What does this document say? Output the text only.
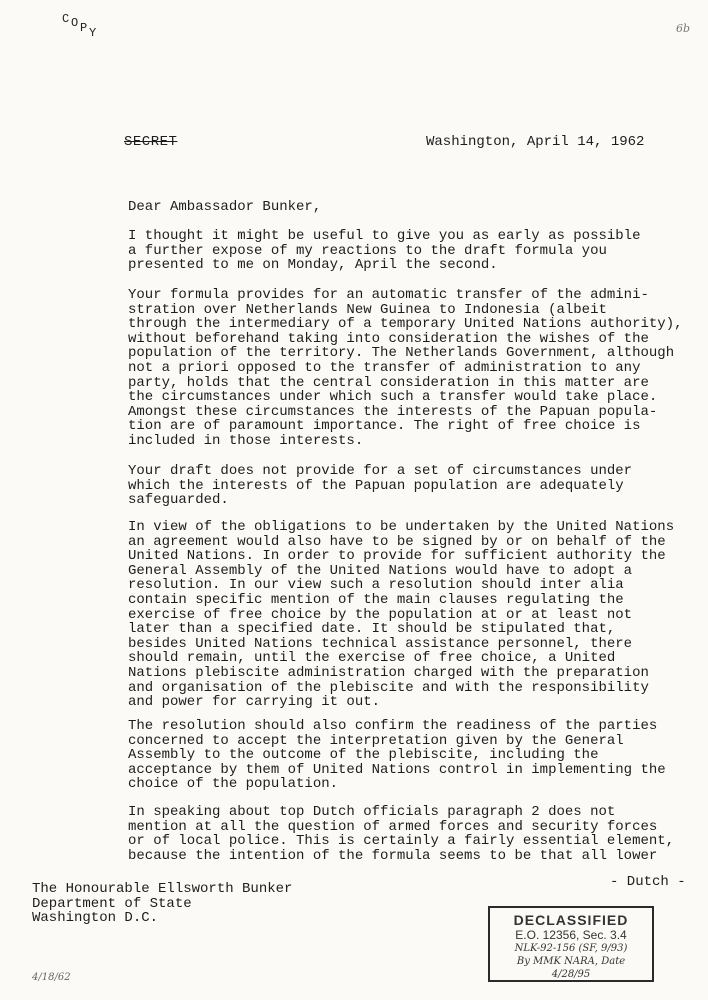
C O P Y	6b
SECRET	Washington, April 14, 1962
Dear Ambassador Bunker,
I thought it might be useful to give you as early as possible
a further expose of my reactions to the draft formula you
presented to me on Monday, April the second.
Your formula provides for an automatic transfer of the admini-
stration over Netherlands New Guinea to Indonesia (albeit
through the intermediary of a temporary United Nations authority),
without beforehand taking into consideration the wishes of the
population of the territory. The Netherlands Government, although
not a priori opposed to the transfer of administration to any
party, holds that the central consideration in this matter are
the circumstances under which such a transfer would take place.
Amongst these circumstances the interests of the Papuan popula-
tion are of paramount importance. The right of free choice is
included in those interests.
Your draft does not provide for a set of circumstances under
which the interests of the Papuan population are adequately
safeguarded.
In view of the obligations to be undertaken by the United Nations
an agreement would also have to be signed by or on behalf of the
United Nations. In order to provide for sufficient authority the
General Assembly of the United Nations would have to adopt a
resolution. In our view such a resolution should inter alia
contain specific mention of the main clauses regulating the
exercise of free choice by the population at or at least not
later than a specified date. It should be stipulated that,
besides United Nations technical assistance personnel, there
should remain, until the exercise of free choice, a United
Nations plebiscite administration charged with the preparation
and organisation of the plebiscite and with the responsibility
and power for carrying it out.
The resolution should also confirm the readiness of the parties
concerned to accept the interpretation given by the General
Assembly to the outcome of the plebiscite, including the
acceptance by them of United Nations control in implementing the
choice of the population.
In speaking about top Dutch officials paragraph 2 does not
mention at all the question of armed forces and security forces
or of local police. This is certainly a fairly essential element,
because the intention of the formula seems to be that all lower
- Dutch -
The Honourable Ellsworth Bunker
Department of State
Washington D.C.	DECLASSIFIED
E.O. 12356, Sec. 3.4
NLK-92-156 (SF, 9/93)
By MMK NARA, Date 4/28/95
4/18/62
